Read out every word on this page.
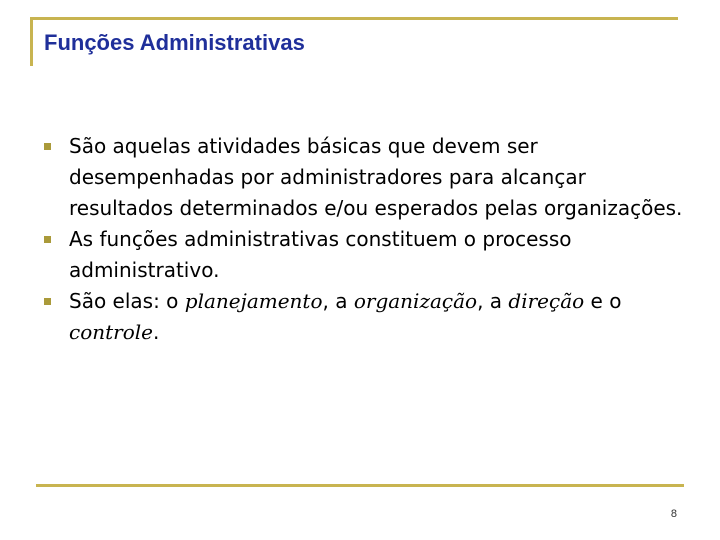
Funções Administrativas
São aquelas atividades básicas que devem ser desempenhadas por administradores para alcançar resultados determinados e/ou esperados pelas organizações.
As funções administrativas constituem o processo administrativo.
São elas: o planejamento, a organização, a direção e o controle.
8
